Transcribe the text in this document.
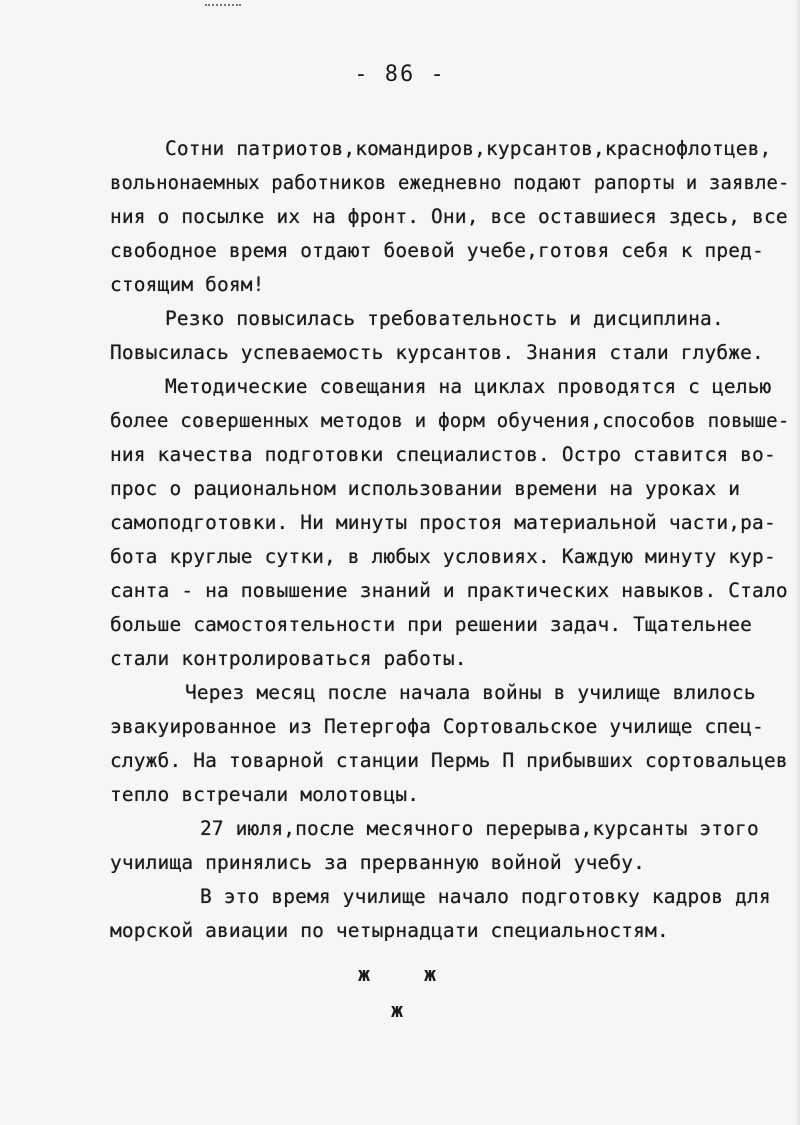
- 86 -
Сотни патриотов,командиров,курсантов,краснофлотцев,
вольнонаемных работников ежедневно подают рапорты и заявле-
ния о посылке их на фронт. Они, все оставшиеся здесь, все
свободное время отдают боевой учебе,готовя себя к пред-
стоящим боям!
Резко повысилась требовательность и дисциплина.
Повысилась успеваемость курсантов. Знания стали глубже.
Методические совещания на циклах проводятся с целью
более совершенных методов и форм обучения,способов повыше-
ния качества подготовки специалистов. Остро ставится во-
прос о рациональном использовании времени на уроках и
самоподготовки. Ни минуты простоя материальной части,ра-
бота круглые сутки, в любых условиях. Каждую минуту кур-
санта - на повышение знаний и практических навыков. Стало
больше самостоятельности при решении задач. Тщательнее
стали контролироваться работы.
Через месяц после начала войны в училище влилось
эвакуированное из Петергофа Сортовальское училище спец-
служб. На товарной станции Пермь П прибывших сортовальцев
тепло встречали молотовцы.
27 июля,после месячного перерыва,курсанты этого
училища принялись за прерванную войной учебу.
В это время училище начало подготовку кадров для
морской авиации по четырнадцати специальностям.
ж	ж
ж
